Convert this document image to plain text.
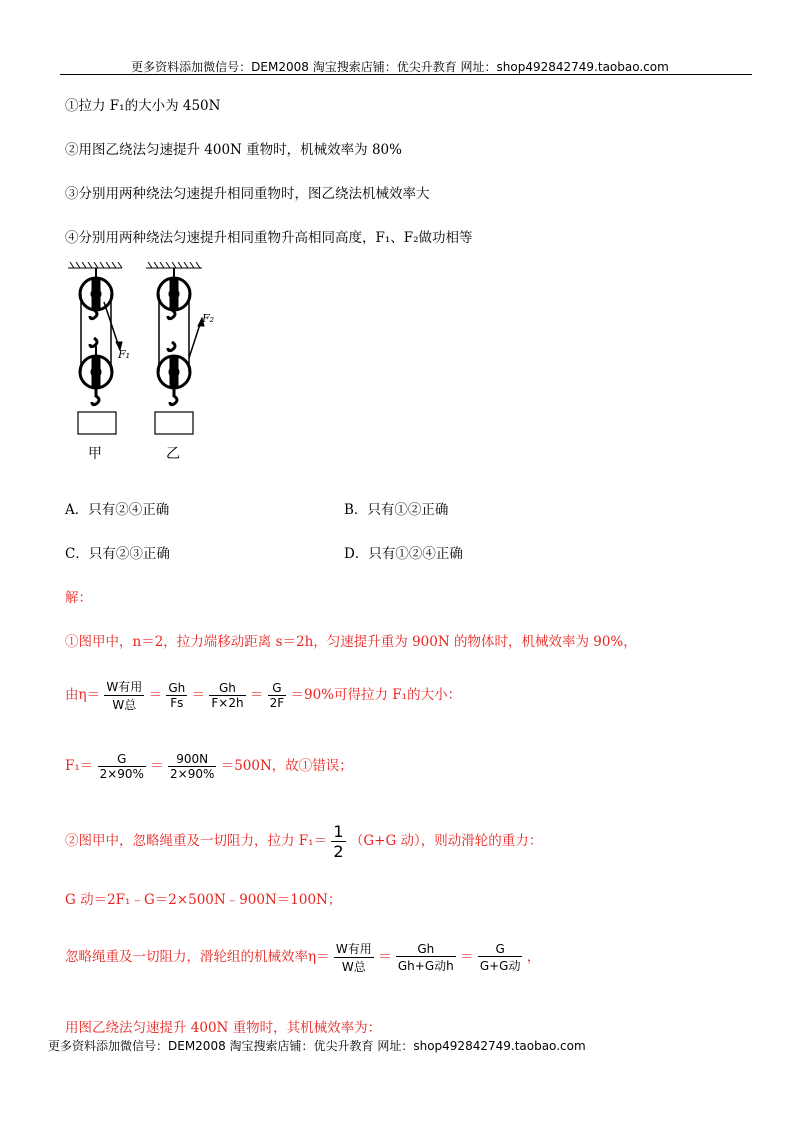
更多资料添加微信号：DEM2008 淘宝搜索店铺：优尖升教育 网址：shop492842749.taobao.com
①拉力 F₁的大小为 450N
②用图乙绕法匀速提升 400N 重物时，机械效率为 80%
③分别用两种绕法匀速提升相同重物时，图乙绕法机械效率大
④分别用两种绕法匀速提升相同重物升高相同高度，F₁、F₂做功相等
F₁
甲
F₂
乙
A．只有②④正确	B．只有①②正确
C．只有②③正确	D．只有①②④正确
解：
①图甲中，n＝2，拉力端移动距离 s＝2h，匀速提升重为 900N 的物体时，机械效率为 90%，
由$\eta= \frac{\text{W有用}}{\text{W总}} = \frac{Gh}{Fs} = \frac{Gh}{F\times 2h} = \frac{G}{2F} =90\%$可得拉力 F₁的大小：
$F_1= \frac{G}{2\times 90\%} = \frac{900N}{2\times 90\%} =500N$，故①错误；
②图甲中，忽略绳重及一切阻力，拉力 $F_1= \frac{1}{2} (G+G$ 动），则动滑轮的重力：
G 动＝2F₁﹣G＝2×500N﹣900N＝100N；
忽略绳重及一切阻力，滑轮组的机械效率$\eta= \frac{\text{W有用}}{\text{W总}} = \frac{Gh}{\text{Gh+G动h}} = \frac{G}{\text{G+G动}}$ ，
用图乙绕法匀速提升 400N 重物时，其机械效率为：
更多资料添加微信号：DEM2008 淘宝搜索店铺：优尖升教育 网址：shop492842749.taobao.com
